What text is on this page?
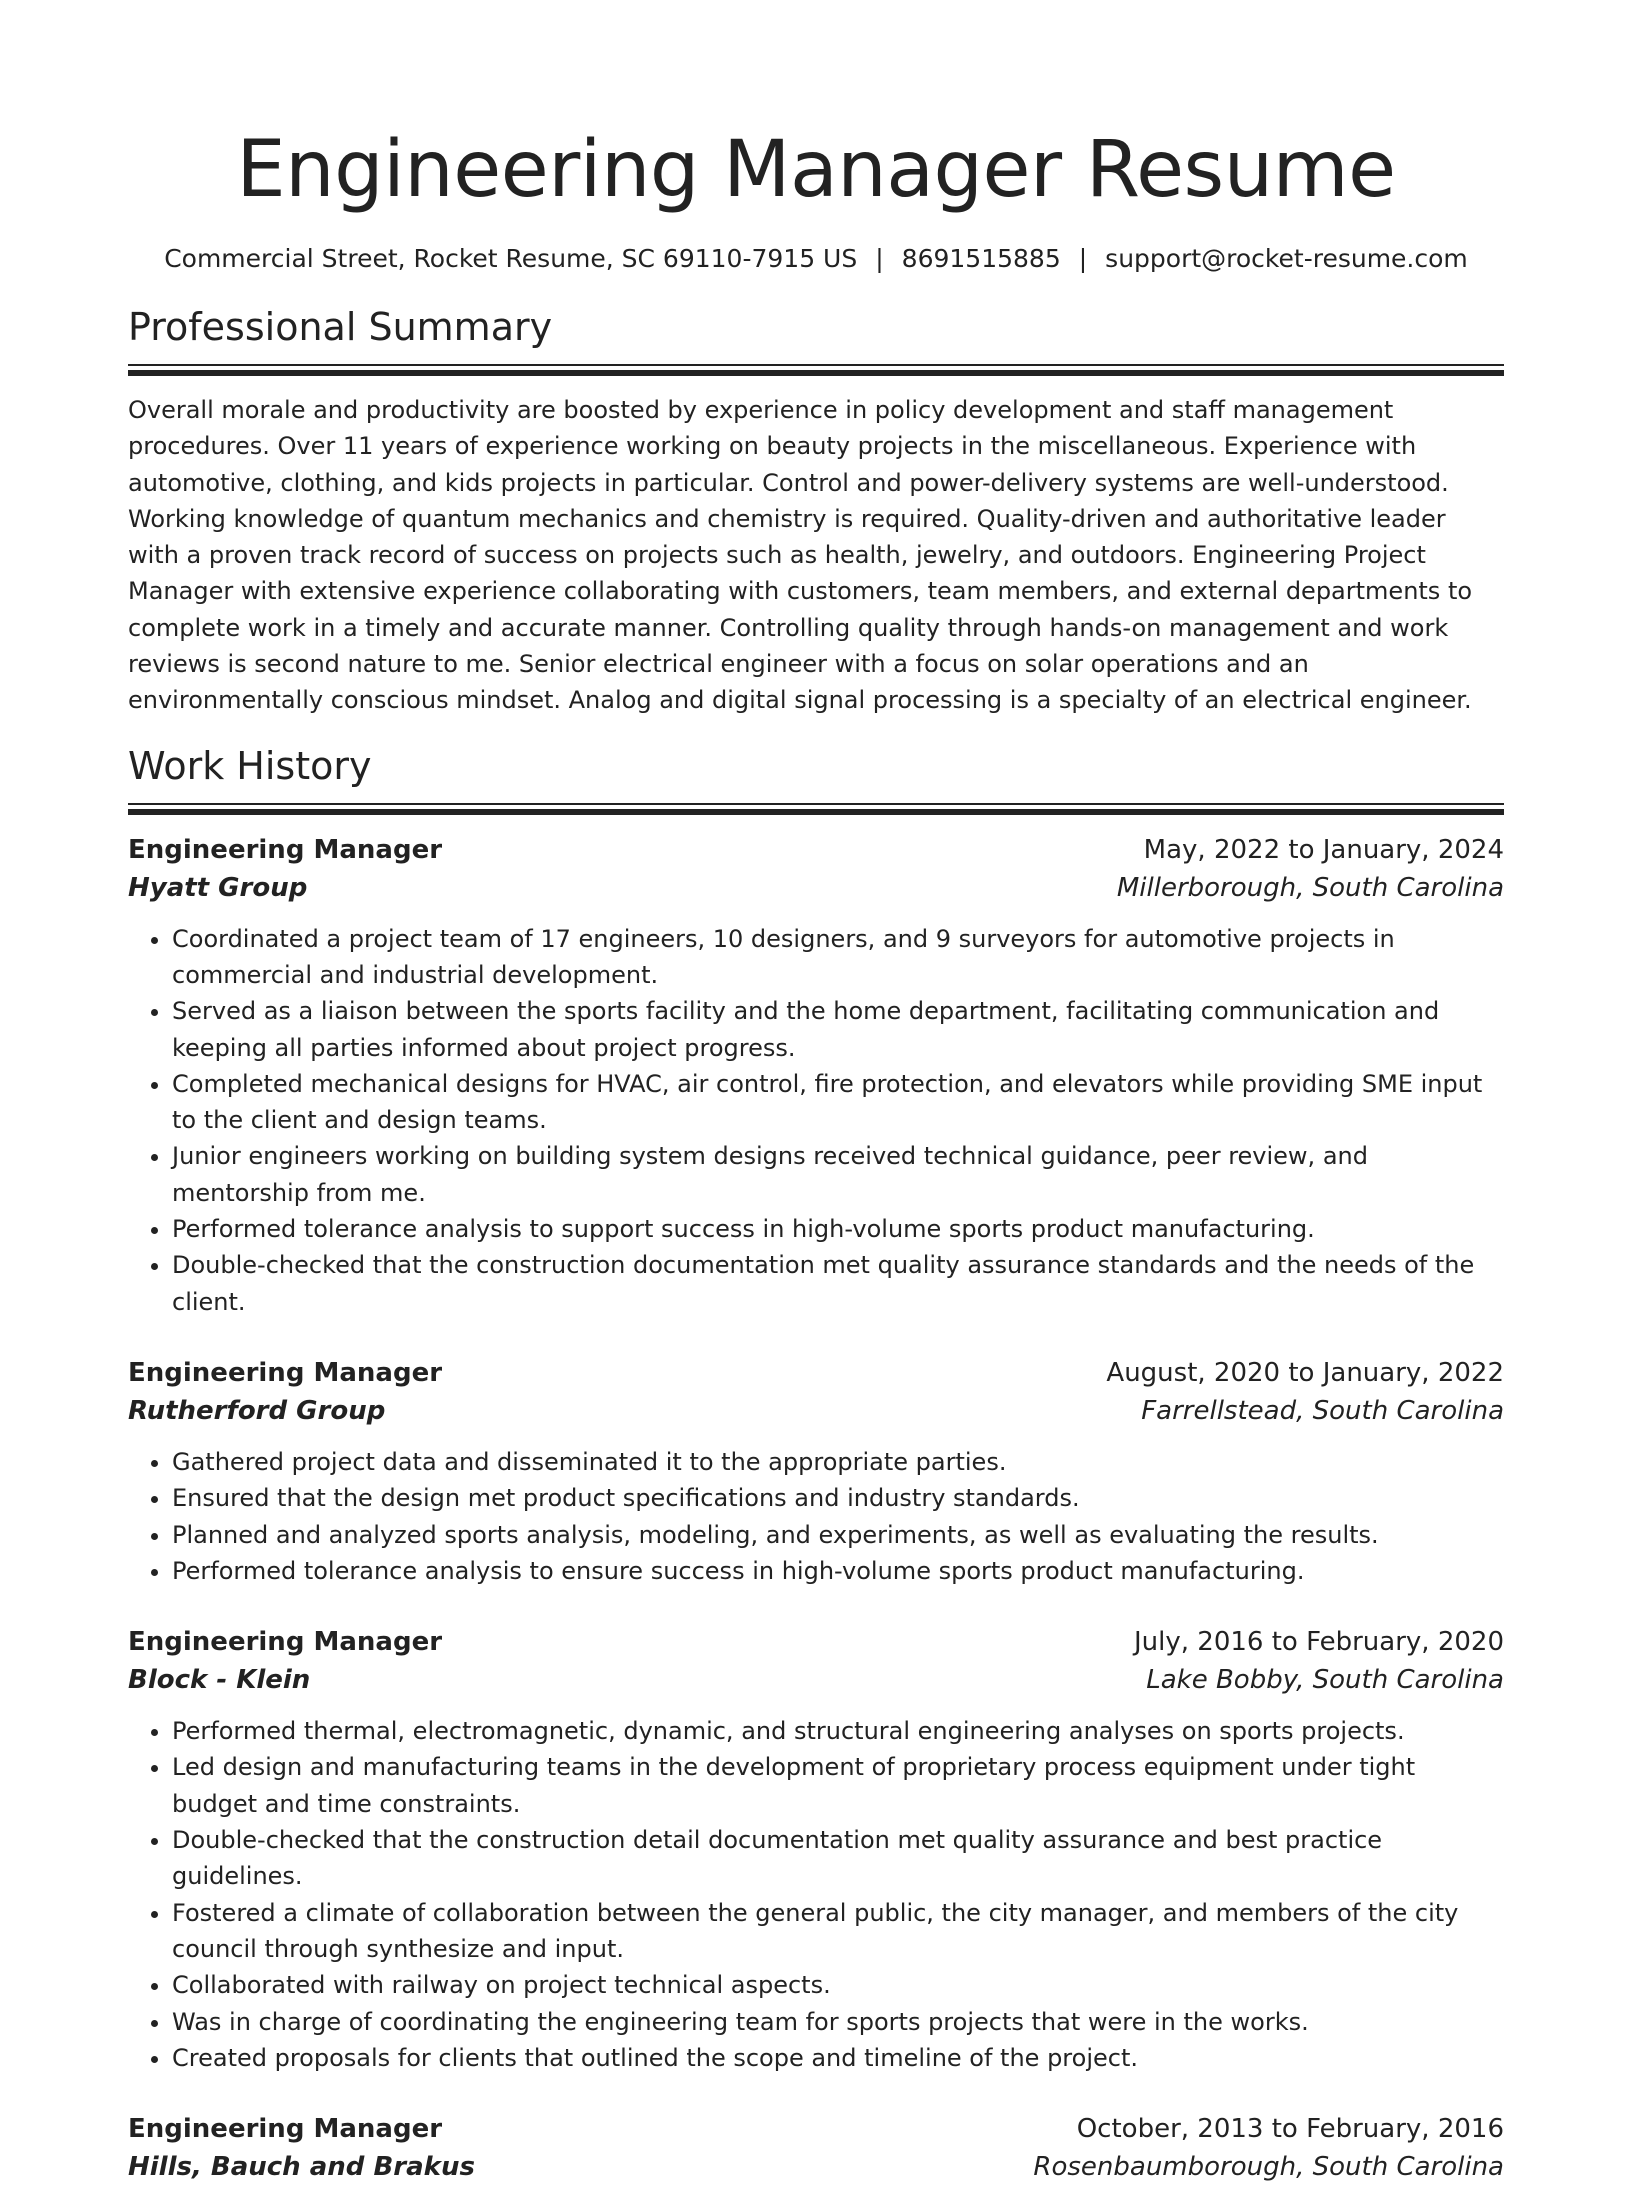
Engineering Manager Resume
Commercial Street, Rocket Resume, SC 69110-7915 US | 8691515885 | support@rocket-resume.com
Professional Summary

Overall morale and productivity are boosted by experience in policy development and staff management procedures. Over 11 years of experience working on beauty projects in the miscellaneous. Experience with automotive, clothing, and kids projects in particular. Control and power-delivery systems are well-understood. Working knowledge of quantum mechanics and chemistry is required. Quality-driven and authoritative leader with a proven track record of success on projects such as health, jewelry, and outdoors. Engineering Project Manager with extensive experience collaborating with customers, team members, and external departments to complete work in a timely and accurate manner. Controlling quality through hands-on management and work reviews is second nature to me. Senior electrical engineer with a focus on solar operations and an environmentally conscious mindset. Analog and digital signal processing is a specialty of an electrical engineer.

Work History
Engineering Manager	May, 2022 to January, 2024
Hyatt Group	Millerborough, South Carolina
• Coordinated a project team of 17 engineers, 10 designers, and 9 surveyors for automotive projects in commercial and industrial development.
• Served as a liaison between the sports facility and the home department, facilitating communication and keeping all parties informed about project progress.
• Completed mechanical designs for HVAC, air control, fire protection, and elevators while providing SME input to the client and design teams.
• Junior engineers working on building system designs received technical guidance, peer review, and mentorship from me.
• Performed tolerance analysis to support success in high-volume sports product manufacturing.
• Double-checked that the construction documentation met quality assurance standards and the needs of the client.
Engineering Manager	August, 2020 to January, 2022
Rutherford Group	Farrellstead, South Carolina
• Gathered project data and disseminated it to the appropriate parties.
• Ensured that the design met product specifications and industry standards.
• Planned and analyzed sports analysis, modeling, and experiments, as well as evaluating the results.
• Performed tolerance analysis to ensure success in high-volume sports product manufacturing.
Engineering Manager	July, 2016 to February, 2020
Block - Klein	Lake Bobby, South Carolina
• Performed thermal, electromagnetic, dynamic, and structural engineering analyses on sports projects.
• Led design and manufacturing teams in the development of proprietary process equipment under tight budget and time constraints.
• Double-checked that the construction detail documentation met quality assurance and best practice guidelines.
• Fostered a climate of collaboration between the general public, the city manager, and members of the city council through synthesize and input.
• Collaborated with railway on project technical aspects.
• Was in charge of coordinating the engineering team for sports projects that were in the works.
• Created proposals for clients that outlined the scope and timeline of the project.
Engineering Manager	October, 2013 to February, 2016
Hills, Bauch and Brakus	Rosenbaumborough, South Carolina
